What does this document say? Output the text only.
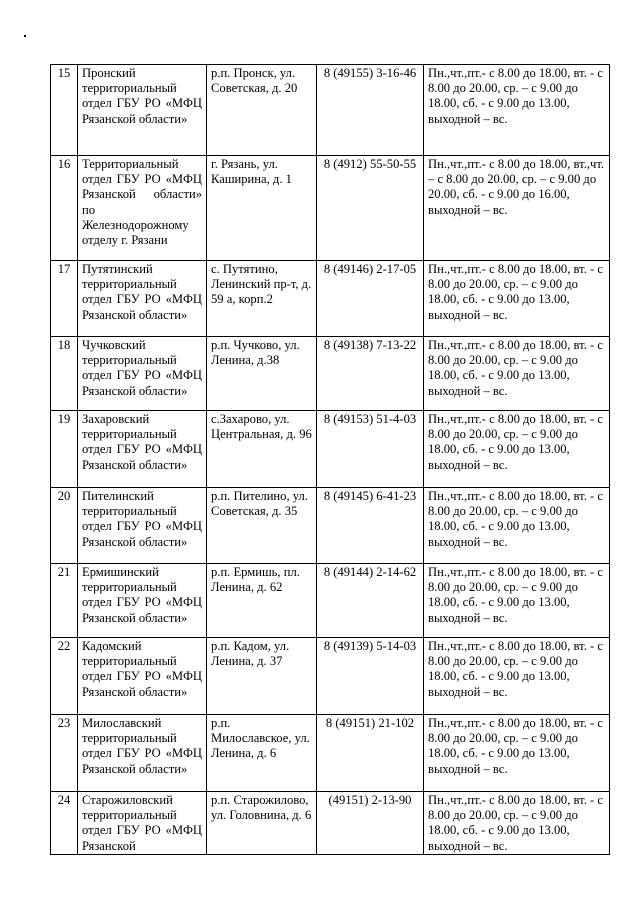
15	Пронский территориальный отдел ГБУ РО «МФЦ Рязанской области»	р.п. Пронск, ул. Советская, д. 20	8 (49155) 3-16-46	Пн.,чт.,пт.- с 8.00 до 18.00, вт. - с 8.00 до 20.00, ср. – с 9.00 до 18.00, сб. - с 9.00 до 13.00, выходной – вс.
16	Территориальный отдел ГБУ РО «МФЦ Рязанской области» по Железнодорожному отделу г. Рязани	г. Рязань, ул. Каширина, д. 1	8 (4912) 55-50-55	Пн.,чт.,пт.- с 8.00 до 18.00, вт.,чт. – с 8.00 до 20.00, ср. – с 9.00 до 20.00, сб. - с 9.00 до 16.00, выходной – вс.
17	Путятинский территориальный отдел ГБУ РО «МФЦ Рязанской области»	с. Путятино, Ленинский пр-т, д. 59 а, корп.2	8 (49146) 2-17-05	Пн.,чт.,пт.- с 8.00 до 18.00, вт. - с 8.00 до 20.00, ср. – с 9.00 до 18.00, сб. - с 9.00 до 13.00, выходной – вс.
18	Чучковский территориальный отдел ГБУ РО «МФЦ Рязанской области»	р.п. Чучково, ул. Ленина, д.38	8 (49138) 7-13-22	Пн.,чт.,пт.- с 8.00 до 18.00, вт. - с 8.00 до 20.00, ср. – с 9.00 до 18.00, сб. - с 9.00 до 13.00, выходной – вс.
19	Захаровский территориальный отдел ГБУ РО «МФЦ Рязанской области»	с.Захарово, ул. Центральная, д. 96	8 (49153) 51-4-03	Пн.,чт.,пт.- с 8.00 до 18.00, вт. - с 8.00 до 20.00, ср. – с 9.00 до 18.00, сб. - с 9.00 до 13.00, выходной – вс.
20	Пителинский территориальный отдел ГБУ РО «МФЦ Рязанской области»	р.п. Пителино, ул. Советская, д. 35	8 (49145) 6-41-23	Пн.,чт.,пт.- с 8.00 до 18.00, вт. - с 8.00 до 20.00, ср. – с 9.00 до 18.00, сб. - с 9.00 до 13.00, выходной – вс.
21	Ермишинский территориальный отдел ГБУ РО «МФЦ Рязанской области»	р.п. Ермишь, пл. Ленина, д. 62	8 (49144) 2-14-62	Пн.,чт.,пт.- с 8.00 до 18.00, вт. - с 8.00 до 20.00, ср. – с 9.00 до 18.00, сб. - с 9.00 до 13.00, выходной – вс.
22	Кадомский территориальный отдел ГБУ РО «МФЦ Рязанской области»	р.п. Кадом, ул. Ленина, д. 37	8 (49139) 5-14-03	Пн.,чт.,пт.- с 8.00 до 18.00, вт. - с 8.00 до 20.00, ср. – с 9.00 до 18.00, сб. - с 9.00 до 13.00, выходной – вс.
23	Милославский территориальный отдел ГБУ РО «МФЦ Рязанской области»	р.п. Милославское, ул. Ленина, д. 6	8 (49151) 21-102	Пн.,чт.,пт.- с 8.00 до 18.00, вт. - с 8.00 до 20.00, ср. – с 9.00 до 18.00, сб. - с 9.00 до 13.00, выходной – вс.
24	Старожиловский территориальный отдел ГБУ РО «МФЦ Рязанской	р.п. Старожилово, ул. Головнина, д. 6	(49151) 2-13-90	Пн.,чт.,пт.- с 8.00 до 18.00, вт. - с 8.00 до 20.00, ср. – с 9.00 до 18.00, сб. - с 9.00 до 13.00, выходной – вс.
